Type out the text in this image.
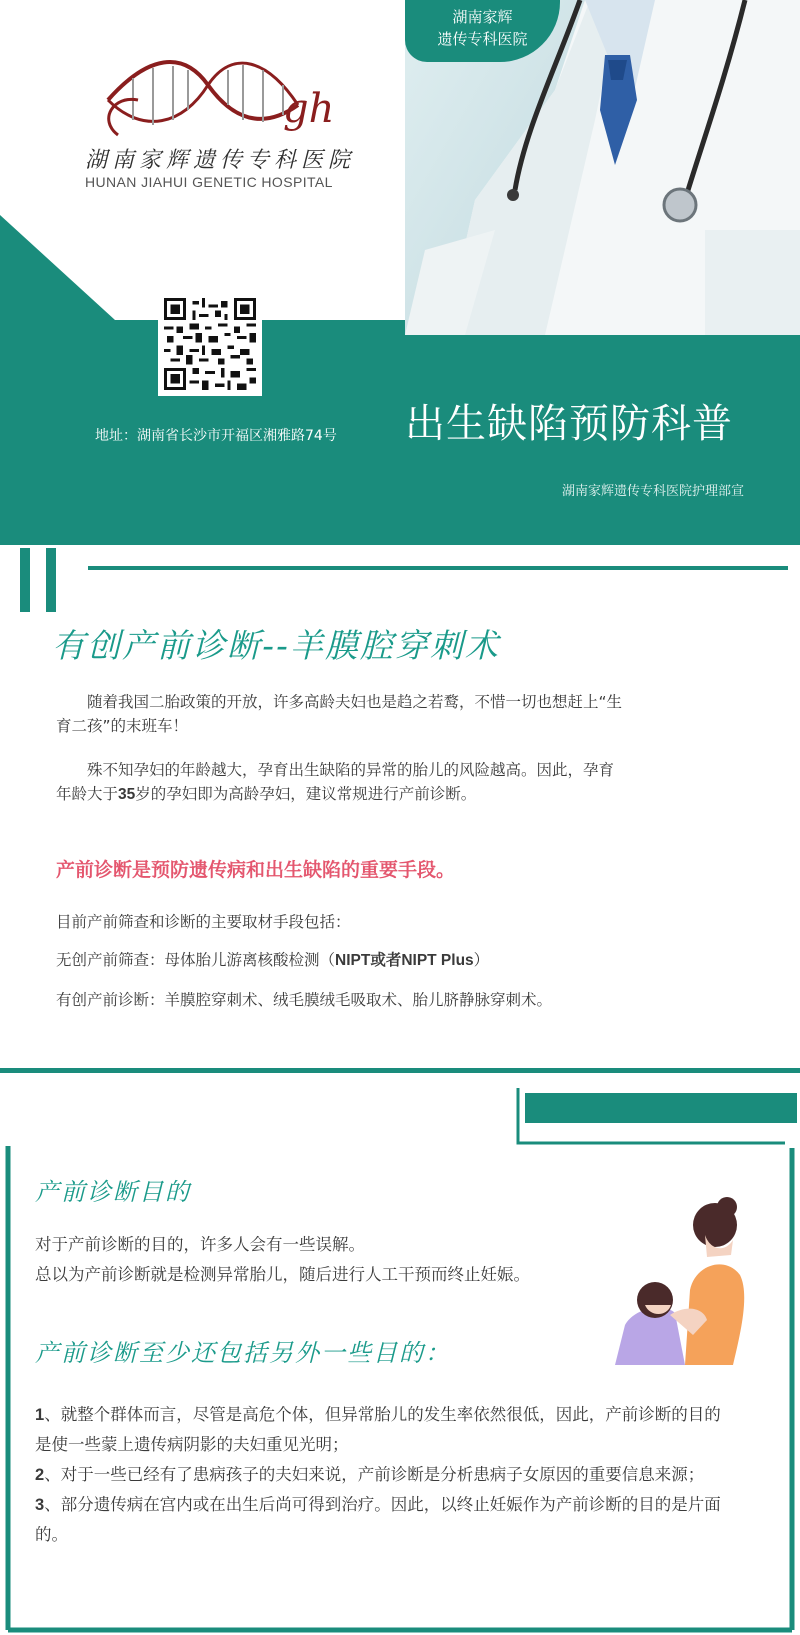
湖南家辉
遗传专科医院
gh
湖南家辉遗传专科医院
HUNAN JIAHUI GENETIC HOSPITAL
地址：湖南省长沙市开福区湘雅路74号 出生缺陷预防科普
湖南家辉遗传专科医院护理部宣
有创产前诊断--羊膜腔穿刺术
随着我国二胎政策的开放，许多高龄夫妇也是趋之若鹜，不惜一切也想赶上“生育二孩”的末班车！
殊不知孕妇的年龄越大，孕育出生缺陷的异常的胎儿的风险越高。因此，孕育年龄大于35岁的孕妇即为高龄孕妇，建议常规进行产前诊断。
产前诊断是预防遗传病和出生缺陷的重要手段。
目前产前筛查和诊断的主要取材手段包括：
无创产前筛查：母体胎儿游离核酸检测（NIPT或者NIPT Plus）
有创产前诊断：羊膜腔穿刺术、绒毛膜绒毛吸取术、胎儿脐静脉穿刺术。
产前诊断目的
对于产前诊断的目的，许多人会有一些误解。
总以为产前诊断就是检测异常胎儿，随后进行人工干预而终止妊娠。
产前诊断至少还包括另外一些目的：
1、就整个群体而言，尽管是高危个体，但异常胎儿的发生率依然很低，因此，产前诊断的目的是使一些蒙上遗传病阴影的夫妇重见光明；
2、对于一些已经有了患病孩子的夫妇来说，产前诊断是分析患病子女原因的重要信息来源；
3、部分遗传病在宫内或在出生后尚可得到治疗。因此，以终止妊娠作为产前诊断的目的是片面的。
